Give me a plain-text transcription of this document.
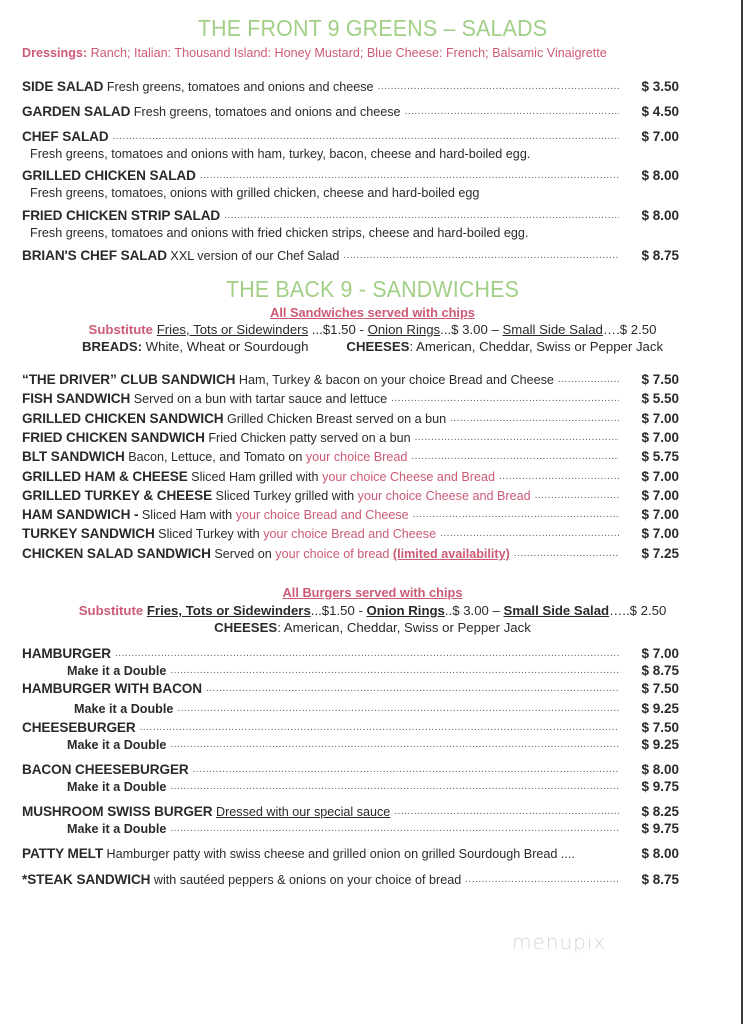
THE FRONT 9 GREENS – SALADS
Dressings: Ranch; Italian: Thousand Island: Honey Mustard; Blue Cheese: French; Balsamic Vinaigrette
SIDE SALAD Fresh greens, tomatoes and onions and cheese .....	$ 3.50
GARDEN SALAD Fresh greens, tomatoes and onions and cheese .....	$ 4.50
CHEF SALAD .....	$ 7.00
Fresh greens, tomatoes and onions with ham, turkey, bacon, cheese and hard-boiled egg.
GRILLED CHICKEN SALAD .....	$ 8.00
Fresh greens, tomatoes, onions with grilled chicken, cheese and hard-boiled egg
FRIED CHICKEN STRIP SALAD .....	$ 8.00
Fresh greens, tomatoes and onions with fried chicken strips, cheese and hard-boiled egg.
BRIAN'S CHEF SALAD XXL version of our Chef Salad .....	$ 8.75
THE BACK 9 - SANDWICHES
All Sandwiches served with chips
Substitute Fries, Tots or Sidewinders ...$1.50 - Onion Rings...$ 3.00 – Small Side Salad….$ 2.50
BREADS: White, Wheat or Sourdough	CHEESES: American, Cheddar, Swiss or Pepper Jack
“THE DRIVER” CLUB SANDWICH Ham, Turkey & bacon on your choice Bread and Cheese .....	$ 7.50
FISH SANDWICH Served on a bun with tartar sauce and lettuce .....	$ 5.50
GRILLED CHICKEN SANDWICH Grilled Chicken Breast served on a bun .....	$ 7.00
FRIED CHICKEN SANDWICH Fried Chicken patty served on a bun .....	$ 7.00
BLT SANDWICH Bacon, Lettuce, and Tomato on your choice Bread .....	$ 5.75
GRILLED HAM & CHEESE Sliced Ham grilled with your choice Cheese and Bread .....	$ 7.00
GRILLED TURKEY & CHEESE Sliced Turkey grilled with your choice Cheese and Bread .....	$ 7.00
HAM SANDWICH - Sliced Ham with your choice Bread and Cheese .....	$ 7.00
TURKEY SANDWICH Sliced Turkey with your choice Bread and Cheese .....	$ 7.00
CHICKEN SALAD SANDWICH Served on your choice of bread (limited availability) .....	$ 7.25
All Burgers served with chips
Substitute Fries, Tots or Sidewinders...$1.50 - Onion Rings..$ 3.00 – Small Side Salad…..$ 2.50
CHEESES: American, Cheddar, Swiss or Pepper Jack
HAMBURGER .....	$ 7.00
Make it a Double .....	$ 8.75
HAMBURGER WITH BACON .....	$ 7.50
Make it a Double .....	$ 9.25
CHEESEBURGER .....	$ 7.50
Make it a Double .....	$ 9.25
BACON CHEESEBURGER .....	$ 8.00
Make it a Double .....	$ 9.75
MUSHROOM SWISS BURGER Dressed with our special sauce .....	$ 8.25
Make it a Double .....	$ 9.75
PATTY MELT Hamburger patty with swiss cheese and grilled onion on grilled Sourdough Bread ....	$ 8.00
*STEAK SANDWICH with sautéed peppers & onions on your choice of bread .....	$ 8.75
menupix
